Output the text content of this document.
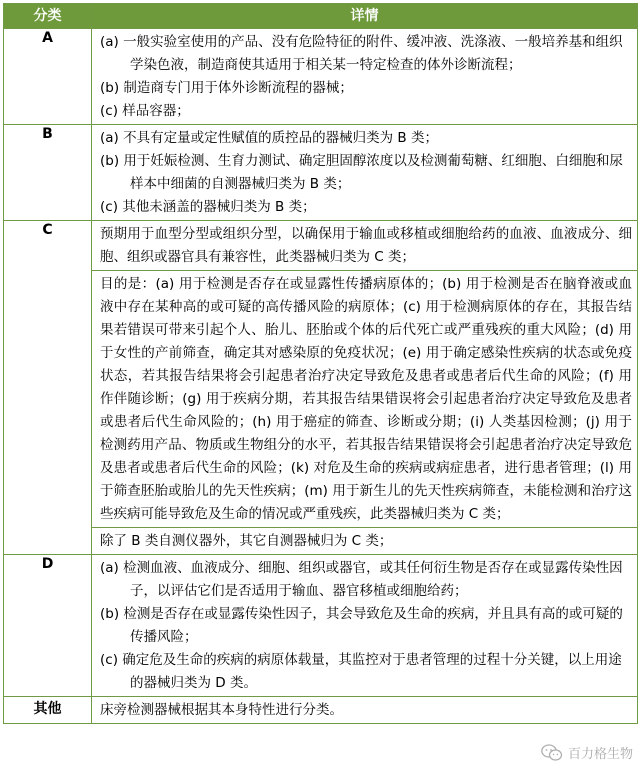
分类	详情
A	(a) 一般实验室使用的产品、没有危险特征的附件、缓冲液、洗涤液、一般培养基和组织学染色液，制造商使其适用于相关某一特定检查的体外诊断流程；
(b) 制造商专门用于体外诊断流程的器械；
(c) 样品容器；

B	(a) 不具有定量或定性赋值的质控品的器械归类为 B 类；
(b) 用于妊娠检测、生育力测试、确定胆固醇浓度以及检测葡萄糖、红细胞、白细胞和尿样本中细菌的自测器械归类为 B 类；
(c) 其他未涵盖的器械归类为 B 类；

C	预期用于血型分型或组织分型，以确保用于输血或移植或细胞给药的血液、血液成分、细胞、组织或器官具有兼容性，此类器械归类为 C 类；

	目的是：(a) 用于检测是否存在或显露性传播病原体的；(b) 用于检测是否在脑脊液或血液中存在某种高的或可疑的高传播风险的病原体；(c) 用于检测病原体的存在，其报告结果若错误可带来引起个人、胎儿、胚胎或个体的后代死亡或严重残疾的重大风险；(d) 用于女性的产前筛查，确定其对感染原的免疫状况；(e) 用于确定感染性疾病的状态或免疫状态，若其报告结果将会引起患者治疗决定导致危及患者或患者后代生命的风险；(f) 用作伴随诊断；(g) 用于疾病分期，若其报告结果错误将会引起患者治疗决定导致危及患者或患者后代生命风险的；(h) 用于癌症的筛查、诊断或分期；(i) 人类基因检测；(j) 用于检测药用产品、物质或生物组分的水平，若其报告结果错误将会引起患者治疗决定导致危及患者或患者后代生命的风险；(k) 对危及生命的疾病或病症患者，进行患者管理；(l) 用于筛查胚胎或胎儿的先天性疾病；(m) 用于新生儿的先天性疾病筛查，未能检测和治疗这些疾病可能导致危及生命的情况或严重残疾，此类器械归类为 C 类；

	除了 B 类自测仪器外，其它自测器械归为 C 类；

D	(a) 检测血液、血液成分、细胞、组织或器官，或其任何衍生物是否存在或显露传染性因子，以评估它们是否适用于输血、器官移植或细胞给药；
(b) 检测是否存在或显露传染性因子，其会导致危及生命的疾病，并且具有高的或可疑的传播风险；
(c) 确定危及生命的疾病的病原体载量，其监控对于患者管理的过程十分关键，以上用途的器械归类为 D 类。

其他	床旁检测器械根据其本身特性进行分类。
百力格生物
